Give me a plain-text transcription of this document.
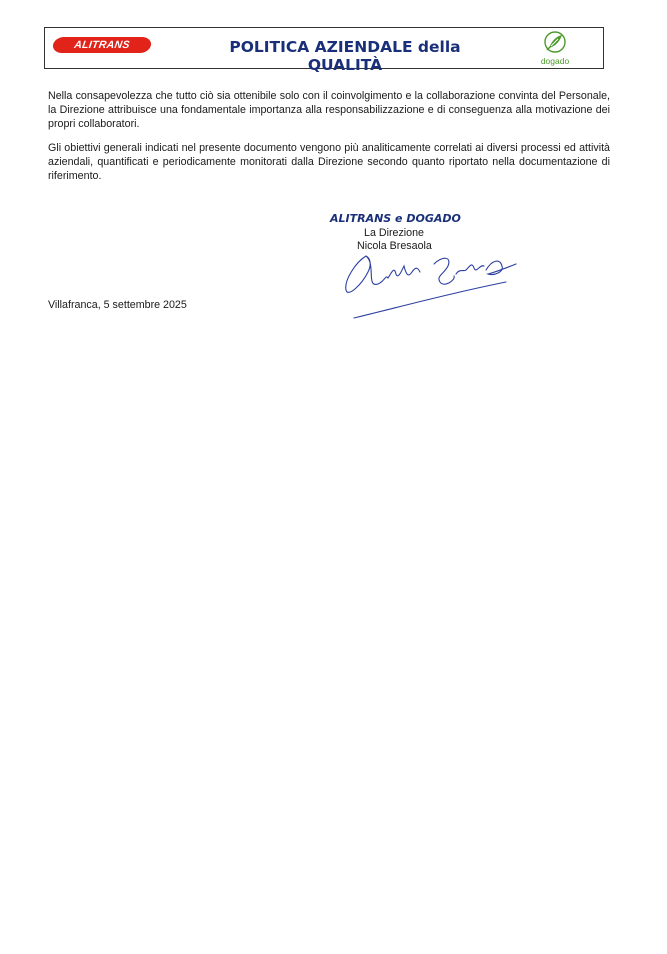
ALITRANS	POLITICA AZIENDALE della QUALITÀ	dogado

Nella consapevolezza che tutto ciò sia ottenibile solo con il coinvolgimento e la collaborazione convinta del Personale, la Direzione attribuisce una fondamentale importanza alla responsabilizzazione e di conseguenza alla motivazione dei propri collaboratori.

Gli obiettivi generali indicati nel presente documento vengono più analiticamente correlati ai diversi processi ed attività aziendali, quantificati e periodicamente monitorati dalla Direzione secondo quanto riportato nella documentazione di riferimento.

ALITRANS e DOGADO
La Direzione
Nicola Bresaola
Villafranca, 5 settembre 2025
